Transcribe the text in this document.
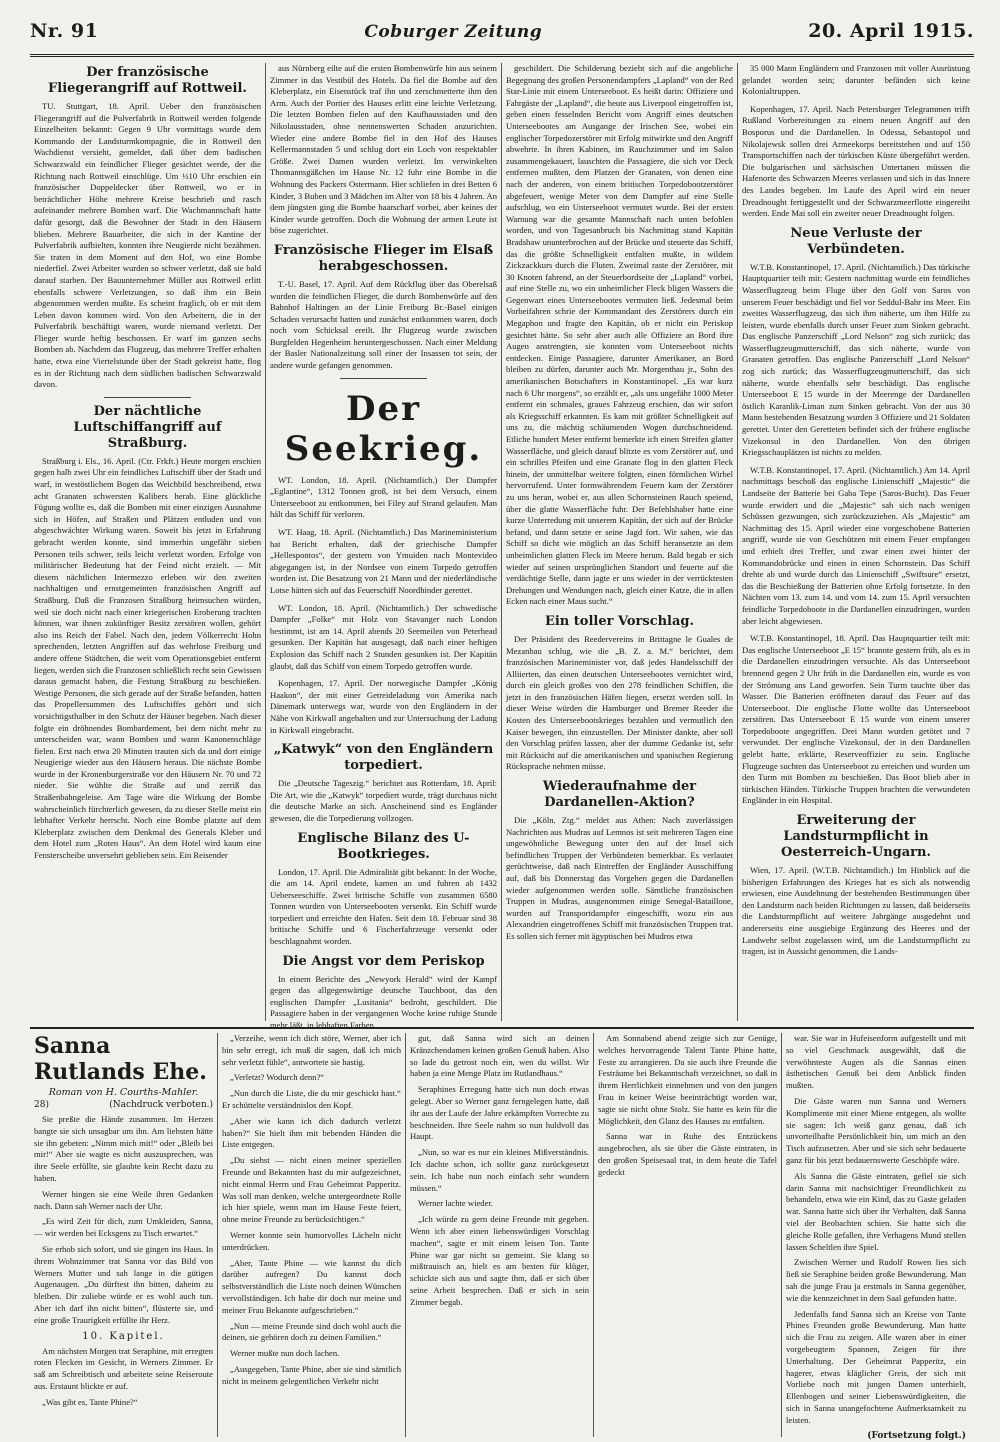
Nr. 91	Coburger Zeitung	20. April 1915.
Der französische Fliegerangriff auf Rottweil.

TU. Stuttgart, 18. April. Ueber den französischen Fliegerangriff auf die Pulverfabrik in Rottweil werden folgende Einzelheiten bekannt: Gegen 9 Uhr vormittags wurde dem Kommando der Landsturmkompagnie, die in Rottweil den Wachdienst versieht, gemeldet, daß über dem badischen Schwarzwald ein feindlicher Flieger gesichtet werde, der die Richtung nach Rottweil einschlüge. Um ½10 Uhr erschien ein französischer Doppeldecker über Rottweil, wo er in beträchtlicher Höhe mehrere Kreise beschrieb und rasch aufeinander mehrere Bomben warf. Die Wachmannschaft hatte dafür gesorgt, daß die Bewohner der Stadt in den Häusern blieben. Mehrere Bauarbeiter, die sich in der Kantine der Pulverfabrik aufhielten, konnten ihre Neugierde nicht bezähmen. Sie traten in dem Moment auf den Hof, wo eine Bombe niederfiel. Zwei Arbeiter wurden so schwer verletzt, daß sie bald darauf starben. Der Bauunternehmer Müller aus Rottweil erlitt ebenfalls schwere Verletzungen, so daß ihm ein Bein abgenommen werden mußte. Es scheint fraglich, ob er mit dem Leben davon kommen wird. Von den Arbeitern, die in der Pulverfabrik beschäftigt waren, wurde niemand verletzt. Der Flieger wurde heftig beschossen. Er warf im ganzen sechs Bomben ab. Nachdem das Flugzeug, das mehrere Treffer erhalten hatte, etwa eine Viertelstunde über der Stadt gekreist hatte, flog es in der Richtung nach dem südlichen badischen Schwarzwald davon.

Der nächtliche Luftschiffangriff auf Straßburg.

Straßburg i. Els., 16. April. (Ctr. Frkft.) Heute morgen erschien gegen halb zwei Uhr ein feindliches Luftschiff über der Stadt und warf, in westöstlichem Bogen das Weichbild beschreibend, etwa acht Granaten schwersten Kalibers herab. Eine glückliche Fügung wollte es, daß die Bomben mit einer einzigen Ausnahme sich in Höfen, auf Straßen und Plätzen entluden und von abgeschwächter Wirkung waren. Soweit bis jetzt in Erfahrung gebracht werden konnte, sind immerhin ungefähr sieben Personen teils schwer, teils leicht verletzt worden. Erfolge von militärischer Bedeutung hat der Feind nicht erzielt. — Mit diesem nächtlichen Intermezzo erleben wir den zweiten nachhaltigen und ernstgemeinten französischen Angriff auf Straßburg. Daß die Franzosen Straßburg heimsuchen würden, weil sie doch nicht nach einer kriegerischen Eroberung trachten können, war ihnen zukünftiger Besitz zerstören wollen, gehört also ins Reich der Fabel. Nach den, jedem Völkerrecht Hohn sprechenden, letzten Angriffen auf das wehrlose Freiburg und andere offene Städtchen, die weit vom Operationsgebiet entfernt liegen, werden sich die Franzosen schließlich recht sein Gewissen daraus gemacht haben, die Festung Straßburg zu beschießen. Westige Personen, die sich gerade auf der Straße befanden, hatten das Propellersummen des Luftschiffes gehört und sich vorsichtigsthalber in den Schutz der Häuser begeben. Nach dieser folgte ein dröhnendes Bombardement, bei dem nicht mehr zu unterscheiden war, wann Bomben und wann Kanonenschläge fielen. Erst nach etwa 20 Minuten trauten sich da und dort einige Neugierige wieder aus den Häusern heraus. Die nächste Bombe wurde in der Kronenburgerstraße vor den Häusern Nr. 70 und 72 nieder. Sie wühlte die Straße auf und zerriß das Straßenbahngeleise. Am Tage wäre die Wirkung der Bombe wahrscheinlich fürchterlich gewesen, da zu dieser Stelle meist ein lebhafter Verkehr herrscht. Noch eine Bombe platzte auf dem Kleberplatz zwischen dem Denkmal des Generals Kleber und dem Hotel zum „Roten Haus“. An dem Hotel wird kaum eine Fensterscheibe unversehrt geblieben sein. Ein Reisender

aus Nürnberg eilte auf die ersten Bombenwürfe hin aus seinem Zimmer in das Vestibül des Hotels. Da fiel die Bombe auf den Kleberplatz, ein Eisenstück traf ihn und zerschmetterte ihm den Arm. Auch der Portier des Hauses erlitt eine leichte Verletzung. Die letzten Bomben fielen auf den Kaufhausstaden und den Nikolausstaden, ohne nennenswerten Schaden anzurichten. Wieder eine andere Bombe fiel in den Hof des Hauses Kellermannstaden 5 und schlug dort ein Loch von respektabler Größe. Zwei Damen wurden verletzt. Im verwinkelten Thomannsgäßchen im Hause Nr. 12 fuhr eine Bombe in die Wohnung des Packers Ostermann. Hier schliefen in drei Betten 6 Kinder, 3 Buben und 3 Mädchen im Alter von 18 bis 4 Jahren. An dem jüngsten ging die Bombe haarscharf vorbei, aber keines der Kinder wurde getroffen. Doch die Wohnung der armen Leute ist böse zugerichtet.

Französische Flieger im Elsaß herabgeschossen.

T.-U. Basel, 17. April. Auf dem Rückflug über das Oberelsaß wurden die feindlichen Flieger, die durch Bombenwürfe auf den Bahnhof Haltingen an der Linie Freiburg Br.-Basel einigen Schaden verursacht hatten und zunächst entkommen waren, doch noch vom Schicksal ereilt. Ihr Flugzeug wurde zwischen Burgfelden Hegenheim heruntergeschossen. Nach einer Meldung der Basler Nationalzeitung soll einer der Insassen tot sein, der andere wurde gefangen genommen.

Der Seekrieg.

WT. London, 18. April. (Nichtamtlich.) Der Dampfer „Eglantine“, 1312 Tonnen groß, ist bei dem Versuch, einem Unterseeboot zu entkommen, bei Filey auf Strand gelaufen. Man hält das Schiff für verloren.

WT. Haag, 18. April. (Nichtamtlich.) Das Marineministerium hat Bericht erhalten, daß der griechische Dampfer „Hellespontos“, der gestern von Ymuiden nach Montevideo abgegangen ist, in der Nordsee von einem Torpedo getroffen worden ist. Die Besatzung von 21 Mann und der niederländische Lotse hätten sich auf das Feuerschiff Noordhinder gerettet.

WT. London, 18. April. (Nichtamtlich.) Der schwedische Dampfer „Folke“ mit Holz von Stavanger nach London bestimmt, ist am 14. April abends 20 Seemeilen von Peterhead gesunken. Der Kapitän hat ausgesagt, daß nach einer heftigen Explosion das Schiff nach 2 Stunden gesunken ist. Der Kapitän glaubt, daß das Schiff von einem Torpedo getroffen wurde.

Kopenhagen, 17. April. Der norwegische Dampfer „König Haakon“, der mit einer Getreideladung von Amerika nach Dänemark unterwegs war, wurde von den Engländern in der Nähe von Kirkwall angehalten und zur Untersuchung der Ladung in Kirkwall eingebracht.

„Katwyk“ von den Engländern torpediert.

Die „Deutsche Tageszig.“ berichtet aus Rotterdam, 18. April: Die Art, wie die „Katwyk“ torpediert wurde, trägt durchaus nicht die deutsche Marke an sich. Anscheinend sind es Engländer gewesen, die die Torpedierung vollzogen.

Englische Bilanz des U-Bootkrieges.

London, 17. April. Die Admiralität gibt bekannt: In der Woche, die am 14. April endete, kamen an und fuhren ab 1432 Ueberseeschiffe. Zwei britische Schiffe von zusammen 6580 Tonnen wurden von Unterseebooten versenkt. Ein Schiff wurde torpediert und erreichte den Hafen. Seit dem 18. Februar sind 38 britische Schiffe und 6 Fischerfahrzeuge versenkt oder beschlagnahmt worden.

Die Angst vor dem Periskop

In einem Berichte des „Newyork Herald“ wird der Kampf gegen das allgegenwärtige deutsche Tauchboot, das den englischen Dampfer „Lusitania“ bedroht, geschildert. Die Passagiere haben in der vergangenen Woche keine ruhige Stunde mehr läßt, in lebhaften Farben

geschildert. Die Schilderung bezieht sich auf die angebliche Begegnung des großen Personendampfers „Lapland“ von der Red Star-Linie mit einem Unterseeboot. Es heißt darin: Offiziere und Fahrgäste der „Lapland“, die heute aus Liverpool eingetroffen ist, geben einen fesselnden Bericht vom Angriff eines deutschen Unterseebootes am Ausgange der Irischen See, wobei ein englischer Torpedozerstörer mit Erfolg mitwirkte und den Angriff abwehrte. In ihren Kabinen, im Rauchzimmer und im Salon zusammengekauert, lauschten die Passagiere, die sich vor Deck entfernen mußten, dem Platzen der Granaten, von denen eine nach der anderen, von einem britischen Torpedobootzerstörer abgefeuert, wenige Meter von dem Dampfer auf eine Stelle aufschlug, wo ein Unterseeboot vermutet wurde. Bei der ersten Warnung war die gesamte Mannschaft nach unten befohlen worden, und von Tagesanbruch bis Nachmittag stand Kapitän Bradshaw ununterbrochen auf der Brücke und steuerte das Schiff, das die größte Schnelligkeit entfalten mußte, in wildem Zickzackkurs durch die Fluten. Zweimal raste der Zerstörer, mit 30 Knoten fahrend, an der Steuerbordseite der „Lapland“ vorbei, auf eine Stelle zu, wo ein unheimlicher Fleck bligen Wassers die Gegenwart eines Unterseebootes vermuten ließ. Jedesmal beim Vorbeifahren schrie der Kommandant des Zerstörers durch ein Megaphon und fragte den Kapitän, ob er nicht ein Periskop gesichtet hätte. So sehr aber auch alle Offiziere an Bord ihre Augen anstrengten, sie konnten vom Unterseeboot nichts entdecken. Einige Passagiere, darunter Amerikaner, an Bord bleiben zu dürfen, darunter auch Mr. Morgenthau jr., Sohn des amerikanischen Botschafters in Konstantinopel. „Es war kurz nach 6 Uhr morgens“, so erzählt er, „als uns ungefähr 1000 Meter entfernt ein schmales, graues Fahrzeug erschien, das wir sofort als Kriegsschiff erkannten. Es kam mit größter Schnelligkeit auf uns zu, die mächtig schäumenden Wogen durchschneidend. Etliche hundert Meter entfernt bemerkte ich einen Streifen glatter Wasserfläche, und gleich darauf blitzte es vom Zerstörer auf, und ein schrilles Pfeifen und eine Granate flog in den glatten Fleck hinein, der unmittelbar weitere folgten, einen förmlichen Wirbel hervorrufend. Unter formwährendem Feuern kam der Zerstörer zu uns heran, wobei er, aus allen Schornsteinen Rauch speiend, über die glatte Wasserfläche fuhr. Der Befehlshaber hatte eine kurze Unterredung mit unserem Kapitän, der sich auf der Brücke befand, und dann setzte er seine Jagd fort. Wir sahen, wie das Schiff so dicht wie möglich an das Schiff heransetzte an dem unheimlichen glatten Fleck im Meere herum. Bald begab er sich wieder auf seinen ursprünglichen Standort und feuerte auf die verdächtige Stelle, dann jagte er uns wieder in der verrücktesten Drehungen und Wendungen nach, gleich einer Katze, die in allen Ecken nach einer Maus sucht.“

Ein toller Vorschlag.

Der Präsident des Reedervereins in Brittagne le Guales de Mezanbau schlug, wie die „B. Z. a. M.“ berichtet, dem französischen Marineminister vor, daß jedes Handelsschiff der Alliierten, das einen deutschen Unterseebootes vernichtet wird, durch ein gleich großes von den 278 feindlichen Schiffen, die jetzt in den französischen Häfen liegen, ersetzt werden soll. In dieser Weise würden die Hamburger und Bremer Reeder die Kosten des Unterseebootskrieges bezahlen und vermutlich den Kaiser bewegen, ihn einzustellen. Der Minister dankte, aber soll den Vorschlag prüfen lassen, aber der dumme Gedanke ist, sehr mit Rücksicht auf die amerikanischen und spanischen Regierung Rücksprache nehmen müsse.

Wiederaufnahme der Dardanellen-Aktion?

Die „Köln. Ztg.“ meldet aus Athen: Nach zuverlässigen Nachrichten aus Mudras auf Lemnos ist seit mehreren Tagen eine ungewöhnliche Bewegung unter den auf der Insel sich befindlichen Truppen der Verbündeten bemerkbar. Es verlautet gerüchtweise, daß nach Eintreffen der Engländer Ausschiffung auf, daß bis Donnerstag das Vorgehen gegen die Dardanellen wieder aufgenommen werden solle. Sämtliche französischen Truppen in Mudras, ausgenommen einige Senegal-Bataillone, wurden auf Transportdampfer eingeschifft, wozu ein aus Alexandrien eingetroffenes Schiff mit französischen Truppen trat. Es sollen sich ferner mit ägyptischen bei Mudros etwa

35 000 Mann Engländern und Franzosen mit voller Ausrüstung gelandet worden sein; darunter befänden sich keine Kolonialtruppen.

Kopenhagen, 17. April. Nach Petersburger Telegrammen trifft Rußland Vorbereitungen zu einem neuen Angriff auf den Bosporus und die Dardanellen. In Odessa, Sebastopol und Nikolajewsk sollen drei Armeekorps bereitstehen und auf 150 Transportschiffen nach der türkischen Küste übergeführt werden. Die bulgarischen und sächsischen Untertanen müssen die Hafenorte des Schwarzen Meeres verlassen und sich in das Innere des Landes begeben. Im Laufe des April wird ein neuer Dreadnought fertiggestellt und der Schwarzmeerflotte eingereiht werden. Ende Mai soll ein zweiter neuer Dreadnought folgen.

Neue Verluste der Verbündeten.

W.T.B. Konstantinopel, 17. April. (Nichtamtlich.) Das türkische Hauptquartier teilt mit: Gestern nachmittag wurde ein feindliches Wasserflugzeug beim Fluge über den Golf von Saros von unserem Feuer beschädigt und fiel vor Seddul-Bahr ins Meer. Ein zweites Wasserflugzeug, das sich ihm näherte, um ihm Hilfe zu leisten, wurde ebenfalls durch unser Feuer zum Sinken gebracht. Das englische Panzerschiff „Lord Nelson“ zog sich zurück; das Wasserflugzeugmutterschiff, das sich näherte, wurde von Granaten getroffen. Das englische Panzerschiff „Lord Nelson“ zog sich zurück; das Wasserflugzeugmutterschiff, das sich näherte, wurde ebenfalls sehr beschädigt. Das englische Unterseeboot E 15 wurde in der Meerenge der Dardanellen östlich Karanlik-Liman zum Sinken gebracht. Von der aus 30 Mann bestehenden Besatzung wurden 3 Offiziere und 21 Soldaten gerettet. Unter den Geretteten befindet sich der frühere englische Vizekonsul in den Dardanellen. Von den übrigen Kriegsschauplätzen ist nichts zu melden.

W.T.B. Konstantinopel, 17. April. (Nichtamtlich.) Am 14. April nachmittags beschoß das englische Linienschiff „Majestic“ die Landseite der Batterie bei Gaba Tepe (Saros-Bucht). Das Feuer wurde erwidert und die „Majestic“ sah sich nach wenigen Schüssen gezwungen, sich zurückzuziehen. Als „Majestic“ am Nachmittag des 15. April wieder eine vorgeschobene Batterien angriff, wurde sie von Geschützen mit einem Feuer empfangen und erhielt drei Treffer, und zwar einen zwei hinter der Kommandobrücke und einen in einen Schornstein. Das Schiff drehte ab und wurde durch das Linienschiff „Swiftsure“ ersetzt, das die Beschießung der Batterien ohne Erfolg fortsetzte. In den Nächten vom 13. zum 14. und vom 14. zum 15. April versuchten feindliche Torpedoboote in die Dardanellen einzudringen, wurden aber leicht abgewiesen.

W.T.B. Konstantinopel, 18. April. Das Hauptquartier teilt mit: Das englische Unterseeboot „E 15“ brannte gestern früh, als es in die Dardanellen einzudringen versuchte. Als das Unterseeboot brennend gegen 2 Uhr früh in die Dardanellen ein, wurde es von der Strömung ans Land geworfen. Sein Turm tauchte über das Wasser. Die Batterien eröffneten darauf das Feuer auf das Unterseeboot. Die englische Flotte wollte das Unterseeboot zerstören. Das Unterseeboot E 15 wurde von einem unserer Torpedoboote angegriffen. Drei Mann wurden getötet und 7 verwundet. Der englische Vizekonsul, der in den Dardanellen gelebt hatte, erklärte, Reserveoffizier zu sein. Englische Flugzeuge suchten das Unterseeboot zu erreichen und wurden um den Turm mit Bomben zu beschießen. Das Boot blieb aber in türkischen Händen. Türkische Truppen brachten die verwundeten Engländer in ein Hospital.

Erweiterung der Landsturmpflicht in Oesterreich-Ungarn.

Wien, 17. April. (W.T.B. Nichtamtlich.) Im Hinblick auf die bisherigen Erfahrungen des Krieges hat es sich als notwendig erwiesen, eine Ausdehnung der bestehenden Bestimmungen über den Landsturm nach beiden Richtungen zu lassen, daß beiderseits die Landsturmpflicht auf weitere Jahrgänge ausgedehnt und andererseits eine ausgiebige Ergänzung des Heeres und der Landwehr selbst zugelassen wird, um die Landsturmpflicht zu tragen, ist in Aussicht genommen, die Lands-

Sanna Rutlands Ehe.
Roman von H. Courths-Mahler.
28)	(Nachdruck verboten.)

Sie preßte die Hände zusammen. Im Herzen bangte sie sich unsagbar um ihn. Am liebsten hätte sie ihn gebeten: „Nimm mich mit!“ oder „Bleib bei mir!“ Aber sie wagte es nicht auszusprechen, was ihre Seele erfüllte, sie glaubte kein Recht dazu zu haben.

Werner hingen sie eine Weile ihren Gedanken nach. Dann sah Werner nach der Uhr.

„Es wird Zeit für dich, zum Umkleiden, Sanna, — wir werden bei Ecksgens zu Tisch erwartet.“

Sie erhob sich sofort, und sie gingen ins Haus. In ihrem Wohnzimmer trat Sanna vor das Bild von Werners Mutter und sah lange in die gütigen Augenaugen. „Du dürftest ihn bitten, daheim zu bleiben. Dir zuliebe würde er es wohl auch tun. Aber ich darf ihn nicht bitten“, flüsterte sie, und eine große Traurigkeit erfüllte ihr Herz.

10. Kapitel.

Am nächsten Morgen trat Seraphine, mit erregten roten Flecken im Gesicht, in Werners Zimmer. Er saß am Schreibtisch und arbeitete seine Reiseroute aus. Erstaunt blickte er auf.

„Was gibt es, Tante Phine?“

„Verzeihe, wenn ich dich störe, Werner, aber ich bin sehr erregt, ich muß dir sagen, daß ich mich sehr verletzt fühle“, antwortete sie hastig.

„Verletzt? Wodurch denn?“

„Nun durch die Liste, die du mir geschickt hast.“ Er schüttelte verständnislos den Kopf.

„Aber wie kann ich dich dadurch verletzt haben?“ Sie hielt ihm mit bebenden Händen die Liste entgegen.

„Du siehst — nicht einen meiner speziellen Freunde und Bekannten hast du mir aufgezeichnet, nicht einmal Herrn und Frau Geheimrat Papperitz. Was soll man denken, welche untergeordnete Rolle ich hier spiele, wenn man im Hause Feste feiert, ohne meine Freunde zu berücksichtigen.“

Werner konnte sein humorvolles Lächeln nicht unterdrücken.

„Aber, Tante Phine — wie kannst du dich darüber aufregen? Du kannst doch selbstverständlich die Liste noch deinen Wünschen vervollständigen. Ich habe dir doch nur meine und meiner Frau Bekannte aufgeschrieben.“

„Nun — meine Freunde sind doch wohl auch die deinen, sie gehören doch zu deinen Familien.“

Werner mußte nun doch lachen.

„Ausgegeben, Tante Phine, aber sie sind sämtlich nicht in meinem gelegentlichen Verkehr nicht

gut, daß Sanna wird sich an deinen Kränzchendamen keinen großen Genuß haben. Also so lade du getrost noch ein, wen du willst. Wir haben ja eine Menge Platz im Rutlandhaus.“

Seraphines Erregung hatte sich nun doch etwas gelegt. Aber so Werner ganz ferngelegen hatte, daß ihr aus der Laufe der Jahre erkämpften Vorrechte zu beschneiden. Ihre Seele nahm so nun huldvoll das Haupt.

„Nun, so war es nur ein kleines Mißverständnis. Ich dachte schon, ich sollte ganz zurückgesetzt sein. Ich habe nun noch einfach sehr wundern müssen.“

Werner lachte wieder.

„Ich würde zu gern deine Freunde mit gegeben. Wenn ich aber einen liebenswürdigen Vorschlag machen“, sagte er mit einem leisen Ton. Tante Phine war gar nicht so gemeint. Sie klang so mißtrauisch an, hielt es am besten für klüger, schickte sich aus und sagte ihm, daß er sich über seine Arbeit besprechen. Daß er sich in sein Zimmer begab.

Am Sonnabend abend zeigte sich zur Genüge, welches hervorragende Talent Tante Phine hatte, Feste zu arrangieren. Da sie auch ihre Freunde die Festräume bei Bekanntschaft verzeichnet, so daß in ihrem Herrlichkeit einnehmen und von den jungen Frau in keiner Weise beeinträchtigt worden war, sagte sie nicht ohne Stolz. Sie hatte es kein für die Möglichkeit, den Glanz des Hauses zu entfalten.

Sanna war in Ruhe des Entzückens ausgebrochen, als sie über die Gäste eintraten, in den großen Speisesaal trat, in dem heute die Tafel gedeckt

war. Sie war in Hufeisenform aufgestellt und mit so viel Geschmack ausgewählt, daß die verwöhnteste Augen als die Sannas einen ästhetischen Genuß bei dem Anblick finden mußten.

Die Gäste waren nun Sanna und Werners Komplimente mit einer Miene entgegen, als wollte sie sagen: Ich weiß ganz genau, daß ich unvorteilhafte Persönlichkeit bin, um mich an den Tisch aufzusetzen. Aber und sie sich sehr bedauerte ganz für bis jetzt bedauernswerte Geschöpfe wäre.

Als Sanna die Gäste eintraten, gefiel sie sich darin Sanna mit nachsichtiger Freundlichkeit zu behandeln, etwa wie ein Kind, das zu Gaste geladen war. Sanna hatte sich über ihr Verhalten, daß Sanna viel der Beobachten schien. Sie hatte sich die gleiche Rolle gefallen, ihre Verhagens Mund stellen lassen Scheltlen ihre Spiel.

Zwischen Werner und Rudolf Rowen lies sich ließ sie Seraphine beiden große Bewunderung. Man sah die junge Frau ja erstmals in Sanna gegenüber, wie die kennzeichnet in dem Saal gefunden hatte.

Jedenfalls fand Sanna sich an Kreise von Tante Phines Freunden große Bewunderung. Man hatte sich die Frau zu zeigen. Alle waren aber in einer vorgebeugtem Spannen, Zeigen für ihre Unterhaltung. Der Geheimrat Papperitz, ein hagerer, etwas kläglicher Greis, der sich mit Vorliebe noch mit jungen Damen unterhielt, Ellenbogen und seiner Liebenswürdigkeiten, die sich in Sanna unangefochtene Aufmerksamkeit zu leisten.

(Fortsetzung folgt.)
